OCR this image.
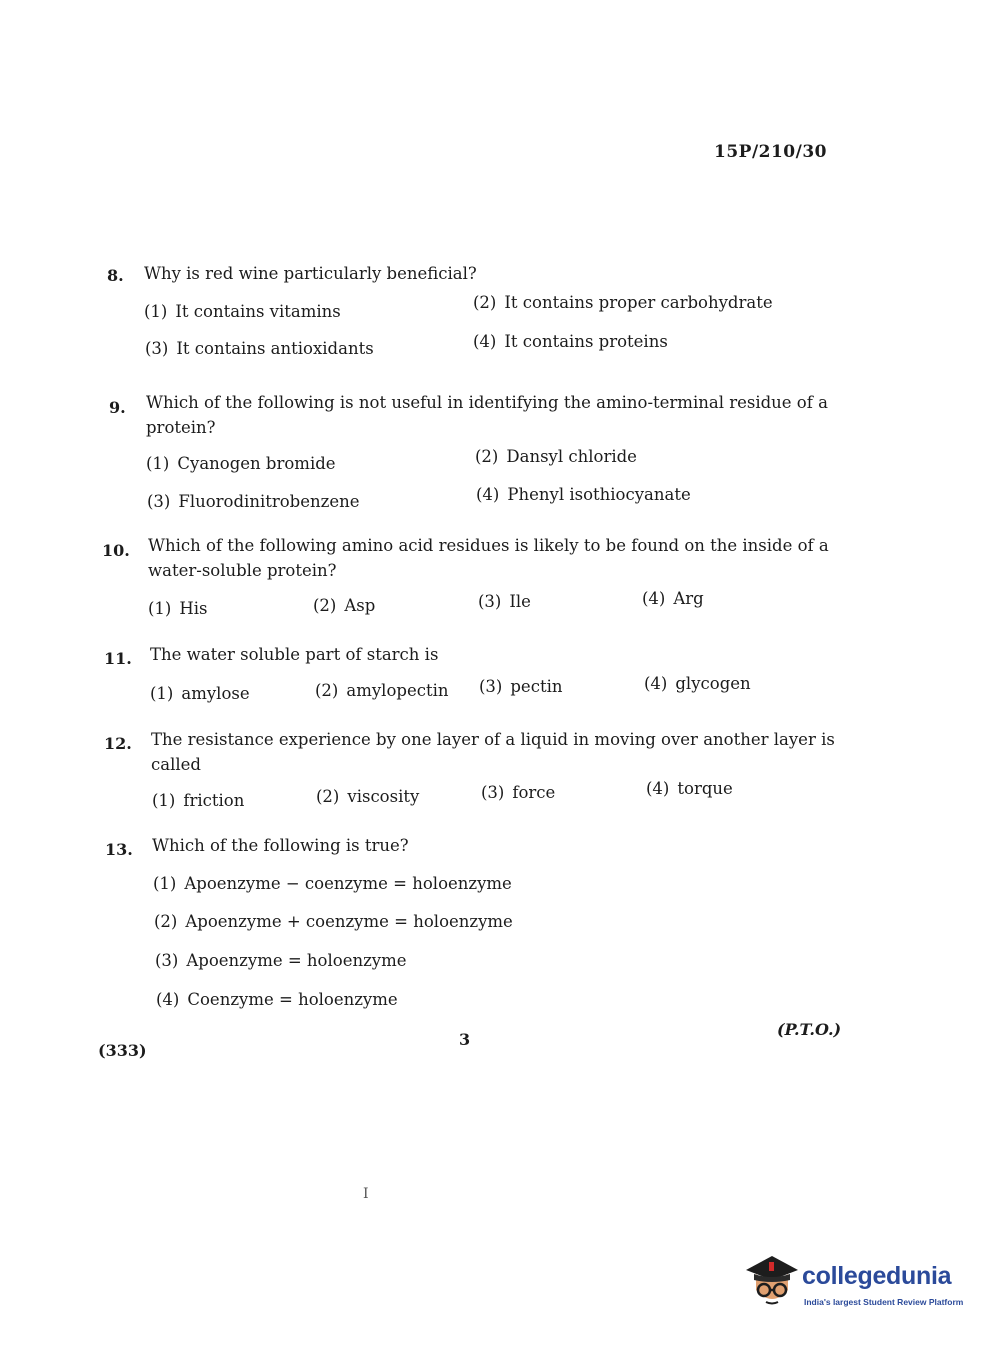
15P/210/30
8. Why is red wine particularly beneficial?
(1) It contains vitamins	(2) It contains proper carbohydrate
(3) It contains antioxidants	(4) It contains proteins
9. Which of the following is not useful in identifying the amino-terminal residue of a protein?
(1) Cyanogen bromide	(2) Dansyl chloride
(3) Fluorodinitrobenzene	(4) Phenyl isothiocyanate
10. Which of the following amino acid residues is likely to be found on the inside of a water-soluble protein?
(1) His	(2) Asp	(3) Ile	(4) Arg
11. The water soluble part of starch is
(1) amylose	(2) amylopectin (3) pectin	(4) glycogen
12. The resistance experience by one layer of a liquid in moving over another layer is called
(1) friction	(2) viscosity	(3) force	(4) torque
13. Which of the following is true?
(1) Apoenzyme − coenzyme = holoenzyme
(2) Apoenzyme + coenzyme = holoenzyme
(3) Apoenzyme = holoenzyme
(4) Coenzyme = holoenzyme
(333)
3
(P.T.O.)
I
collegedunia
India's largest Student Review Platform
